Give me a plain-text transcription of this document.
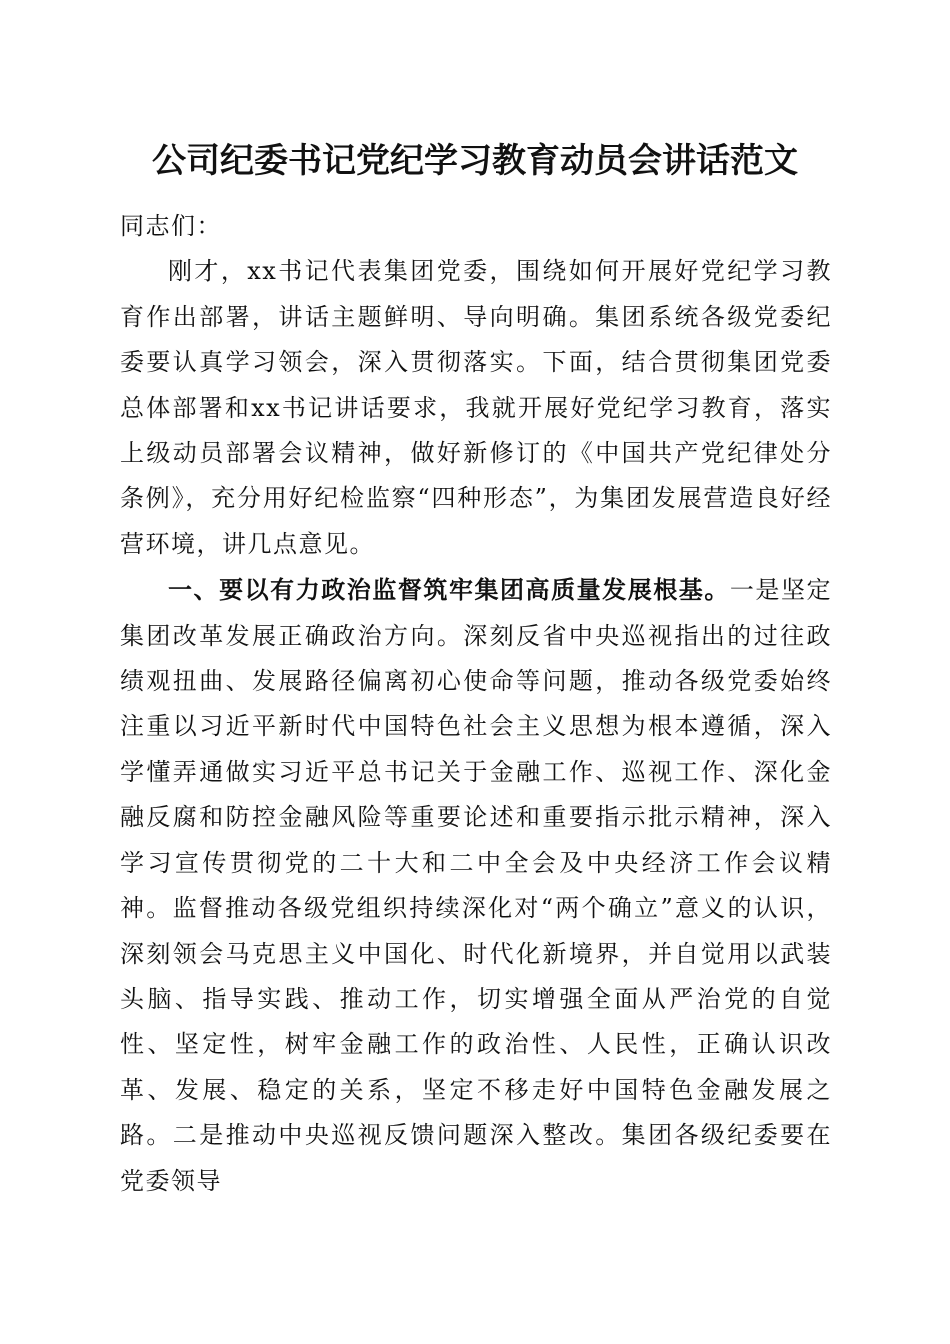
公司纪委书记党纪学习教育动员会讲话范文

同志们：

刚才，xx书记代表集团党委，围绕如何开展好党纪学习教育作出部署，讲话主题鲜明、导向明确。集团系统各级党委纪委要认真学习领会，深入贯彻落实。下面，结合贯彻集团党委总体部署和xx书记讲话要求，我就开展好党纪学习教育，落实上级动员部署会议精神，做好新修订的《中国共产党纪律处分条例》，充分用好纪检监察“四种形态”，为集团发展营造良好经营环境，讲几点意见。

一、要以有力政治监督筑牢集团高质量发展根基。一是坚定集团改革发展正确政治方向。深刻反省中央巡视指出的过往政绩观扭曲、发展路径偏离初心使命等问题，推动各级党委始终注重以习近平新时代中国特色社会主义思想为根本遵循，深入学懂弄通做实习近平总书记关于金融工作、巡视工作、深化金融反腐和防控金融风险等重要论述和重要指示批示精神，深入学习宣传贯彻党的二十大和二中全会及中央经济工作会议精神。监督推动各级党组织持续深化对“两个确立”意义的认识，深刻领会马克思主义中国化、时代化新境界，并自觉用以武装头脑、指导实践、推动工作，切实增强全面从严治党的自觉性、坚定性，树牢金融工作的政治性、人民性，正确认识改革、发展、稳定的关系，坚定不移走好中国特色金融发展之路。二是推动中央巡视反馈问题深入整改。集团各级纪委要在党委领导
